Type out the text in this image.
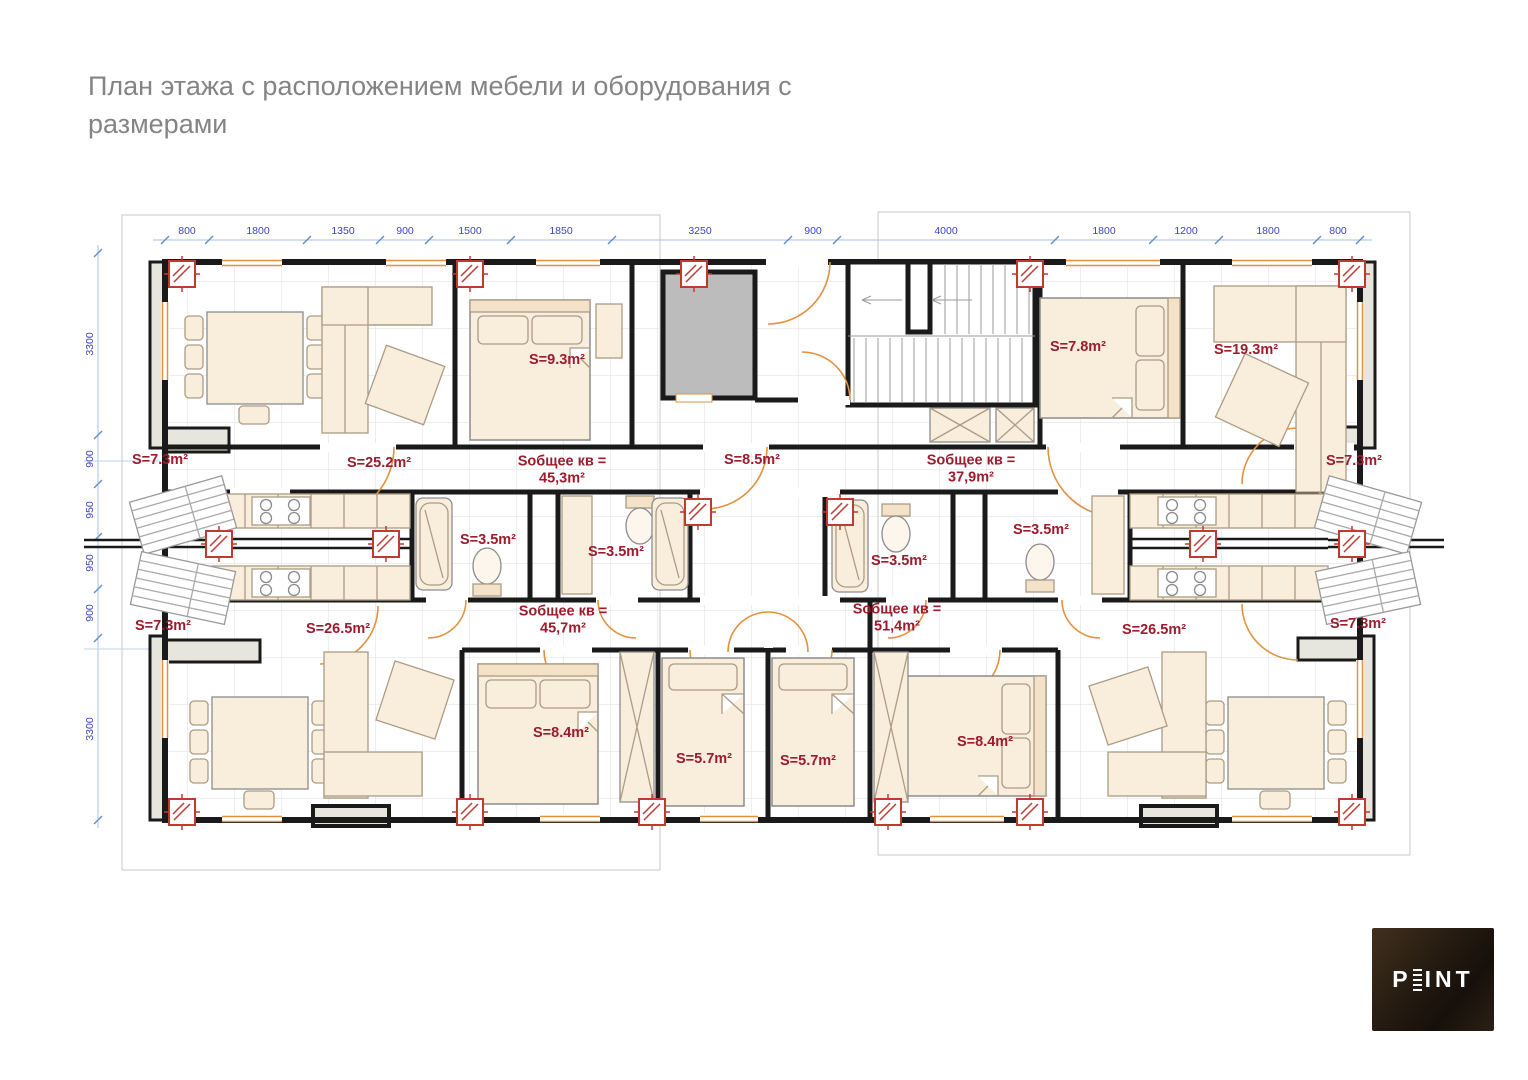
План этажа с расположением мебели и оборудования с размерами
800	1800	1350	900	1500	1850	3250	900	4000	1800	1200	1800	800
3300
900
950
950
900
3300
S=7.3m²	S=25.2m²
S=9.3m²
S=8.5m²
S=7.8m²	S=19.3m²
S=7.3m²
S=3.5m²
S=3.5m²
S=3.5m²
S=3.5m²
S=7.3m²	S=26.5m²	S=26.5m²	S=7.3m²
S=8.4m²
S=5.7m²	S=5.7m²
S=8.4m²
Sобщее кв =
45,3m²
Sобщее кв =
37,9m²
Sобщее кв =
45,7m²
Sобщее кв =
51,4m²
P INT
